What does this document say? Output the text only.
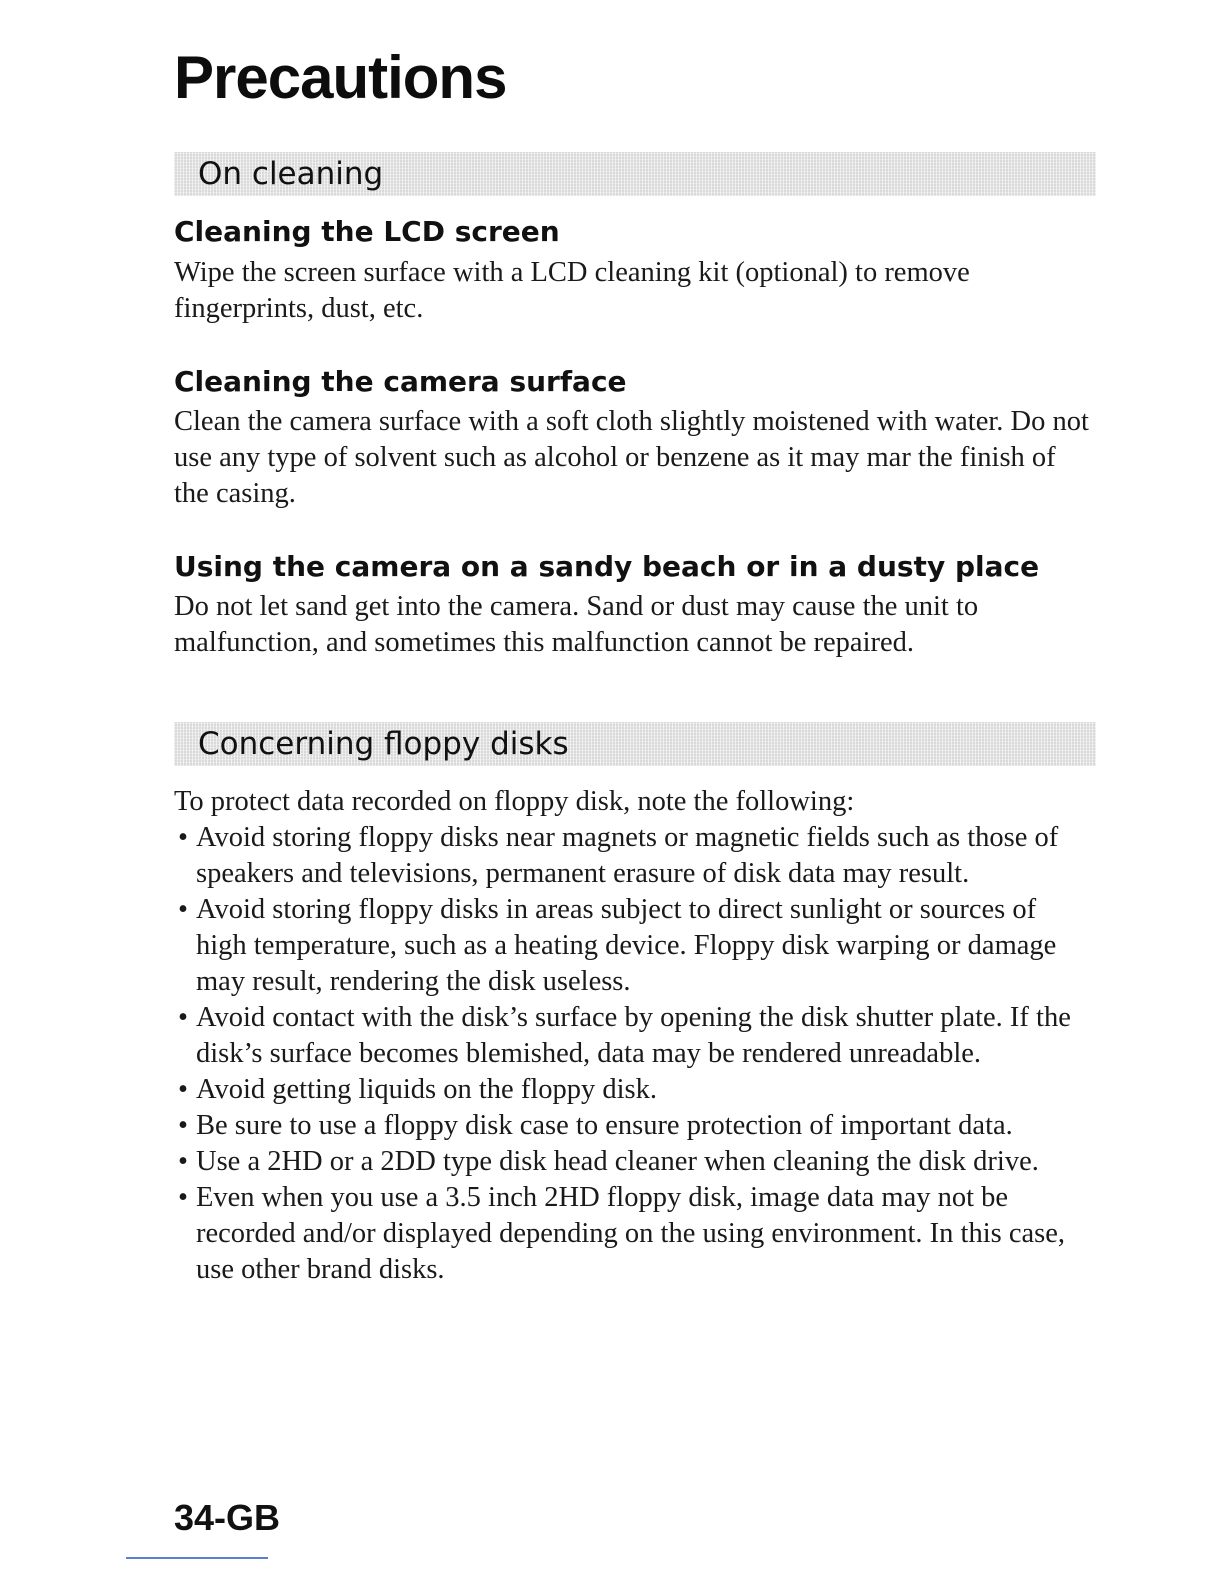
Precautions
On cleaning
Cleaning the LCD screen

Wipe the screen surface with a LCD cleaning kit (optional) to remove fingerprints, dust, etc.

Cleaning the camera surface

Clean the camera surface with a soft cloth slightly moistened with water. Do not use any type of solvent such as alcohol or benzene as it may mar the finish of the casing.

Using the camera on a sandy beach or in a dusty place

Do not let sand get into the camera. Sand or dust may cause the unit to malfunction, and sometimes this malfunction cannot be repaired.

Concerning floppy disks

To protect data recorded on floppy disk, note the following:

• Avoid storing floppy disks near magnets or magnetic fields such as those of speakers and televisions, permanent erasure of disk data may result.
• Avoid storing floppy disks in areas subject to direct sunlight or sources of high temperature, such as a heating device. Floppy disk warping or damage may result, rendering the disk useless.
• Avoid contact with the disk’s surface by opening the disk shutter plate. If the disk’s surface becomes blemished, data may be rendered unreadable.
• Avoid getting liquids on the floppy disk.
• Be sure to use a floppy disk case to ensure protection of important data.
• Use a 2HD or a 2DD type disk head cleaner when cleaning the disk drive.
• Even when you use a 3.5 inch 2HD floppy disk, image data may not be recorded and/or displayed depending on the using environment. In this case, use other brand disks.
34-GB
